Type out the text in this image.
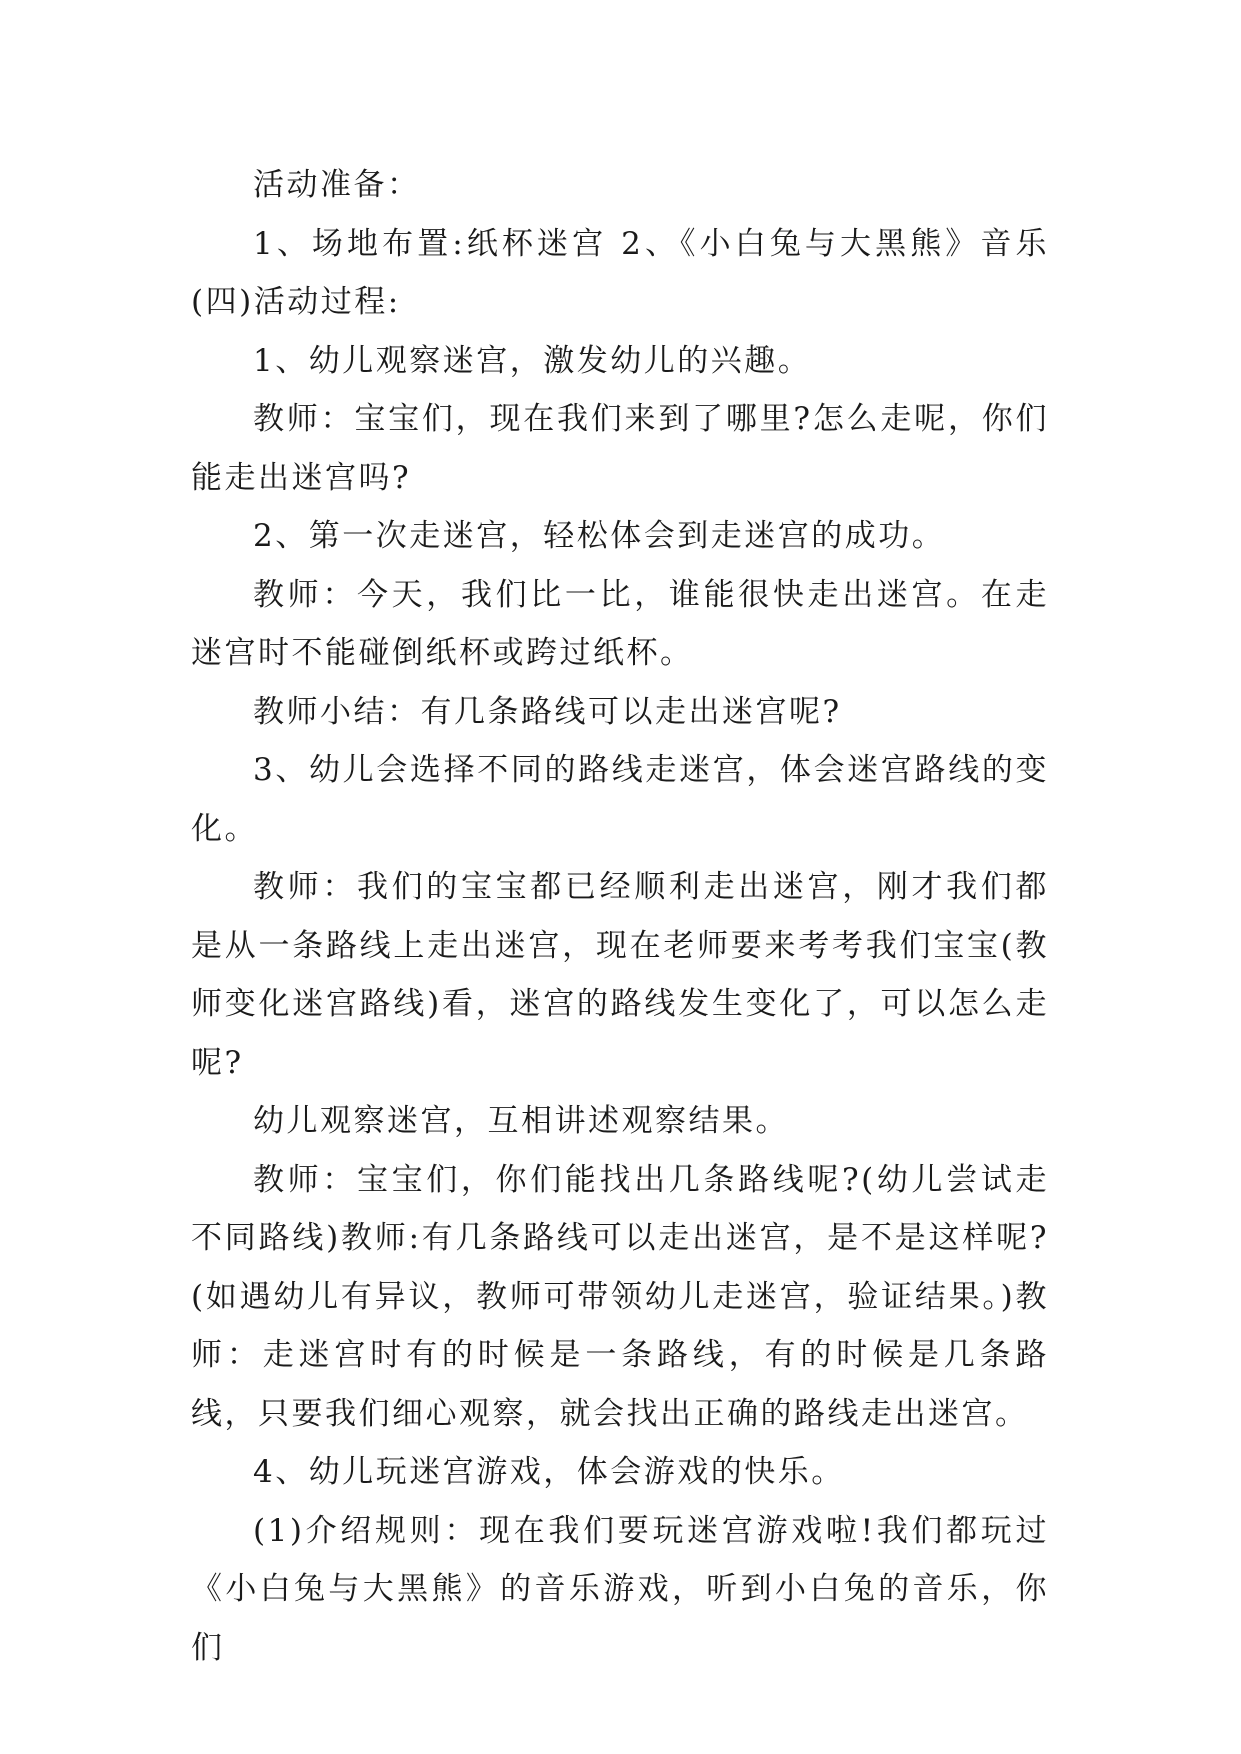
活动准备：

1、场地布置:纸杯迷宫 2、《小白兔与大黑熊》音乐(四)活动过程:

1、幼儿观察迷宫，激发幼儿的兴趣。

教师：宝宝们，现在我们来到了哪里?怎么走呢，你们能走出迷宫吗?

2、第一次走迷宫，轻松体会到走迷宫的成功。

教师：今天，我们比一比，谁能很快走出迷宫。在走迷宫时不能碰倒纸杯或跨过纸杯。

教师小结：有几条路线可以走出迷宫呢?

3、幼儿会选择不同的路线走迷宫，体会迷宫路线的变化。

教师：我们的宝宝都已经顺利走出迷宫，刚才我们都是从一条路线上走出迷宫，现在老师要来考考我们宝宝(教师变化迷宫路线)看，迷宫的路线发生变化了，可以怎么走呢?

幼儿观察迷宫，互相讲述观察结果。

教师：宝宝们，你们能找出几条路线呢?(幼儿尝试走不同路线)教师:有几条路线可以走出迷宫，是不是这样呢?(如遇幼儿有异议，教师可带领幼儿走迷宫，验证结果。)教师：走迷宫时有的时候是一条路线，有的时候是几条路线，只要我们细心观察，就会找出正确的路线走出迷宫。

4、幼儿玩迷宫游戏，体会游戏的快乐。

(1)介绍规则：现在我们要玩迷宫游戏啦!我们都玩过《小白兔与大黑熊》的音乐游戏，听到小白兔的音乐，你们
